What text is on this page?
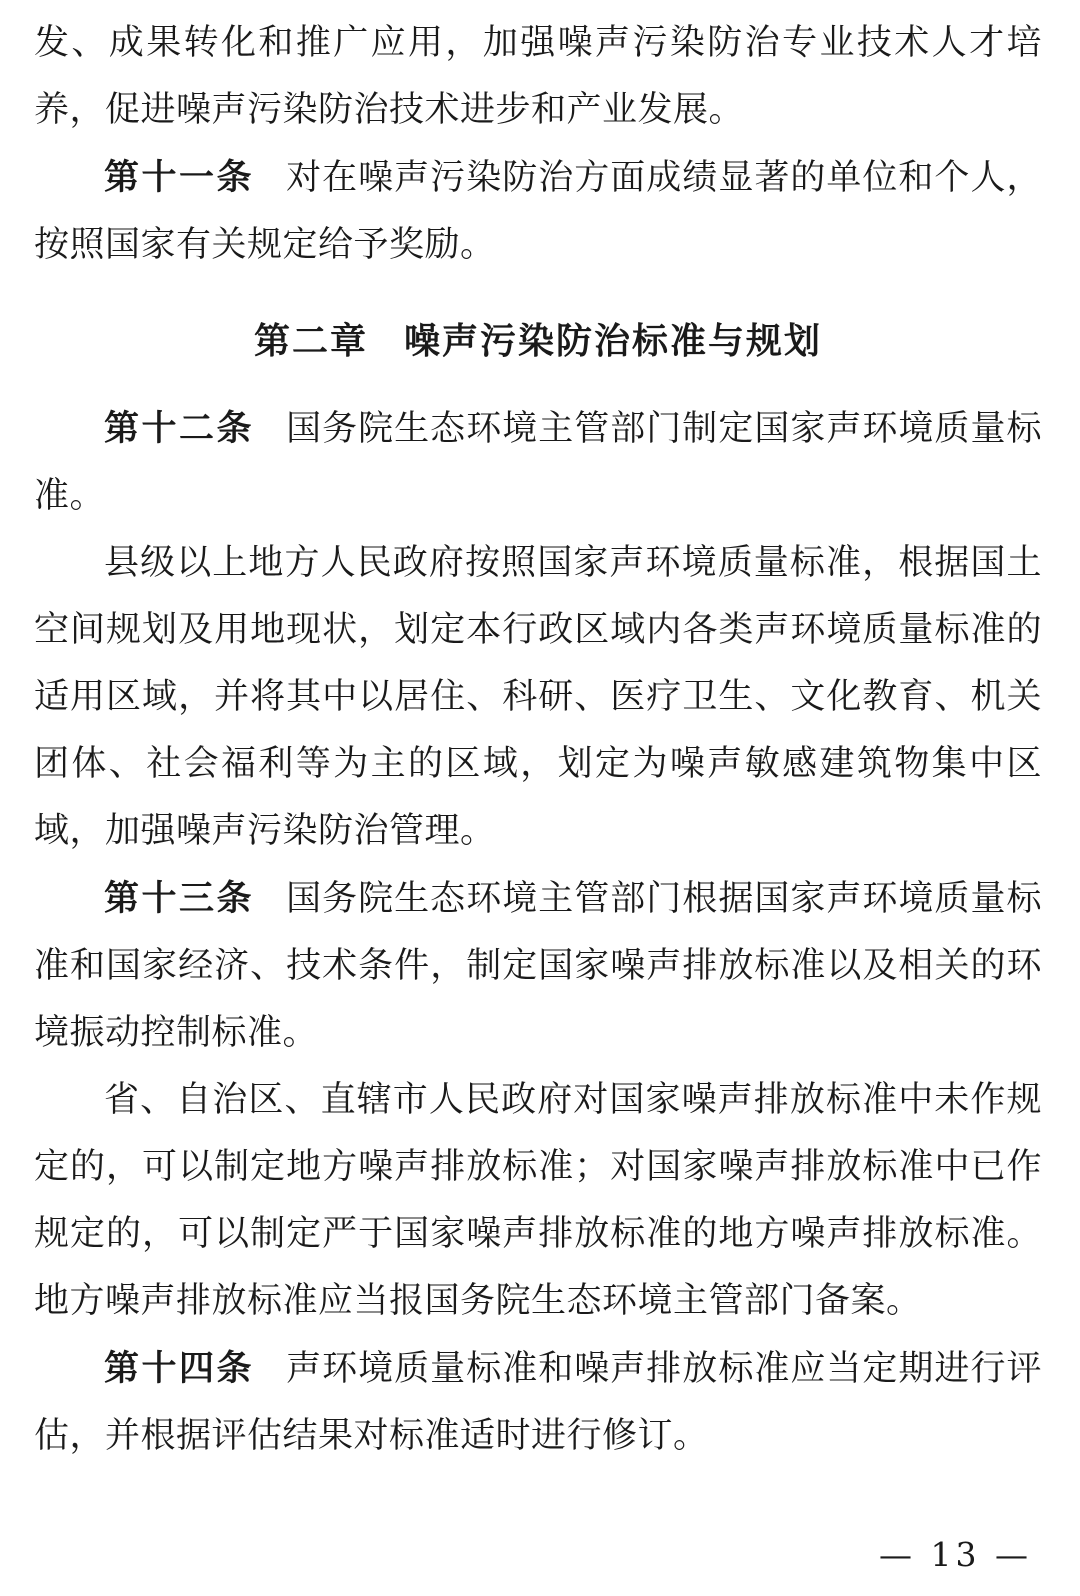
发、成果转化和推广应用，加强噪声污染防治专业技术人才培养，促进噪声污染防治技术进步和产业发展。

第十一条 对在噪声污染防治方面成绩显著的单位和个人，按照国家有关规定给予奖励。

第二章 噪声污染防治标准与规划

第十二条 国务院生态环境主管部门制定国家声环境质量标准。

县级以上地方人民政府按照国家声环境质量标准，根据国土空间规划及用地现状，划定本行政区域内各类声环境质量标准的适用区域，并将其中以居住、科研、医疗卫生、文化教育、机关团体、社会福利等为主的区域，划定为噪声敏感建筑物集中区域，加强噪声污染防治管理。

第十三条 国务院生态环境主管部门根据国家声环境质量标准和国家经济、技术条件，制定国家噪声排放标准以及相关的环境振动控制标准。

省、自治区、直辖市人民政府对国家噪声排放标准中未作规定的，可以制定地方噪声排放标准；对国家噪声排放标准中已作规定的，可以制定严于国家噪声排放标准的地方噪声排放标准。地方噪声排放标准应当报国务院生态环境主管部门备案。

第十四条 声环境质量标准和噪声排放标准应当定期进行评估，并根据评估结果对标准适时进行修订。

— 13 —
